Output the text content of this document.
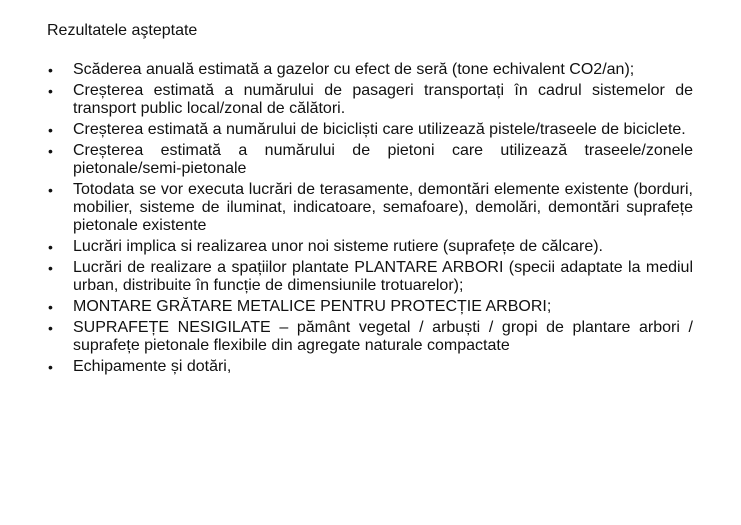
Rezultatele aşteptate
•	Scăderea anuală estimată a gazelor cu efect de seră (tone echivalent CO2/an);
•	Creșterea estimată a numărului de pasageri transportați în cadrul sistemelor de transport public local/zonal de călători.
•	Creșterea estimată a numărului de bicicliști care utilizează pistele/traseele de biciclete.
•	Creșterea estimată a numărului de pietoni care utilizează traseele/zonele pietonale/semi-pietonale
•	Totodata se vor executa lucrări de terasamente, demontări elemente existente (borduri, mobilier, sisteme de iluminat, indicatoare, semafoare), demolări, demontări suprafețe pietonale existente
•	Lucrări implica si realizarea unor noi sisteme rutiere (suprafețe de călcare).
•	Lucrări de realizare a spațiilor plantate PLANTARE ARBORI (specii adaptate la mediul urban, distribuite în funcție de dimensiunile trotuarelor);
•	MONTARE GRĂTARE METALICE PENTRU PROTECȚIE ARBORI;
•	SUPRAFEȚE NESIGILATE – pământ vegetal / arbuști / gropi de plantare arbori / suprafețe pietonale flexibile din agregate naturale compactate
•	Echipamente și dotări,
